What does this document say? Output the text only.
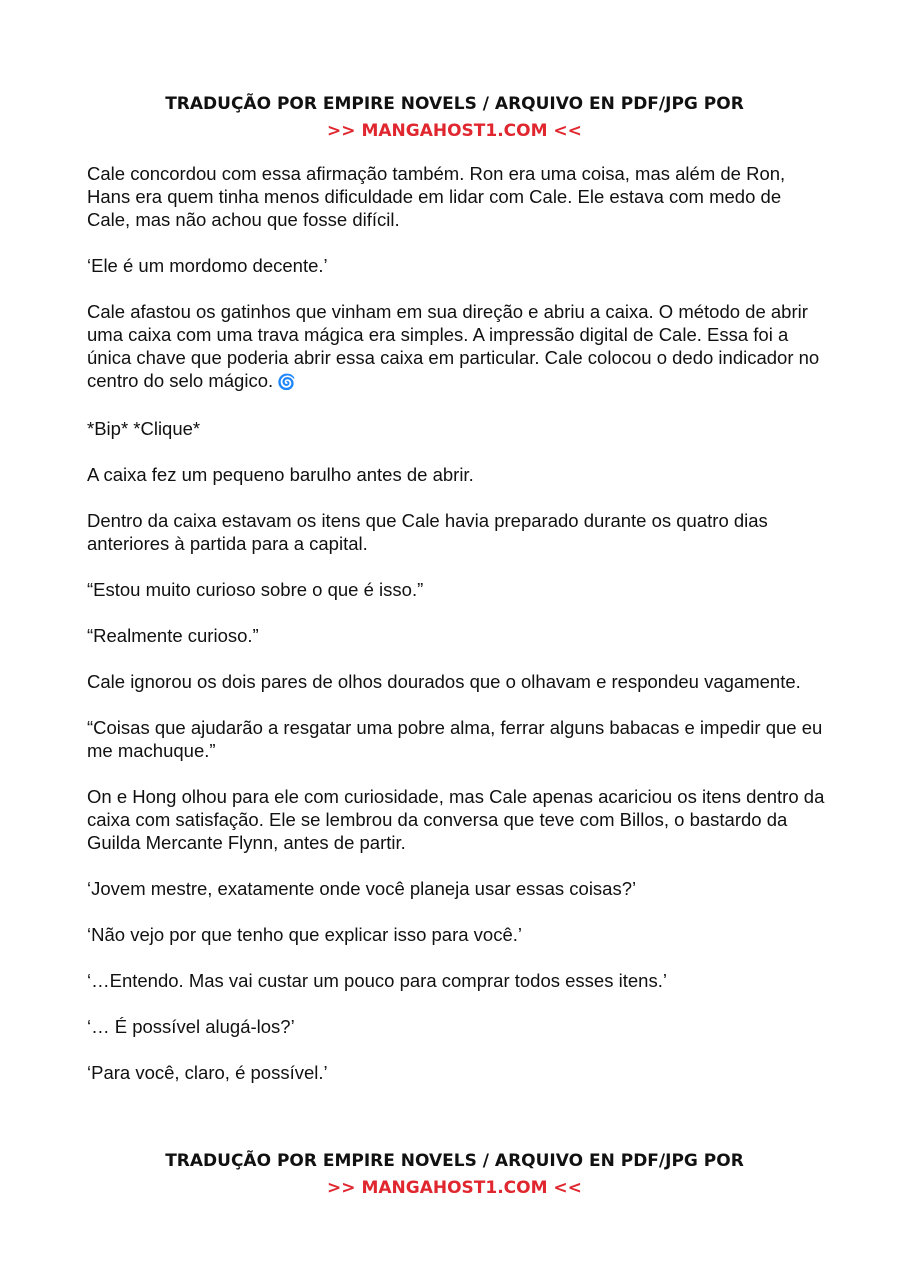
TRADUÇÃO POR EMPIRE NOVELS / ARQUIVO EN PDF/JPG POR
>> MANGAHOST1.COM <<

Cale concordou com essa afirmação também. Ron era uma coisa, mas além de Ron, Hans era quem tinha menos dificuldade em lidar com Cale. Ele estava com medo de Cale, mas não achou que fosse difícil.

‘Ele é um mordomo decente.’

Cale afastou os gatinhos que vinham em sua direção e abriu a caixa. O método de abrir uma caixa com uma trava mágica era simples. A impressão digital de Cale. Essa foi a única chave que poderia abrir essa caixa em particular. Cale colocou o dedo indicador no centro do selo mágico. 🌀

*Bip* *Clique*

A caixa fez um pequeno barulho antes de abrir.

Dentro da caixa estavam os itens que Cale havia preparado durante os quatro dias anteriores à partida para a capital.

“Estou muito curioso sobre o que é isso.”

“Realmente curioso.”

Cale ignorou os dois pares de olhos dourados que o olhavam e respondeu vagamente.

“Coisas que ajudarão a resgatar uma pobre alma, ferrar alguns babacas e impedir que eu me machuque.”

On e Hong olhou para ele com curiosidade, mas Cale apenas acariciou os itens dentro da caixa com satisfação. Ele se lembrou da conversa que teve com Billos, o bastardo da Guilda Mercante Flynn, antes de partir.

‘Jovem mestre, exatamente onde você planeja usar essas coisas?’

‘Não vejo por que tenho que explicar isso para você.’

‘…Entendo. Mas vai custar um pouco para comprar todos esses itens.’

‘… É possível alugá-los?’

‘Para você, claro, é possível.’

TRADUÇÃO POR EMPIRE NOVELS / ARQUIVO EN PDF/JPG POR
>> MANGAHOST1.COM <<
